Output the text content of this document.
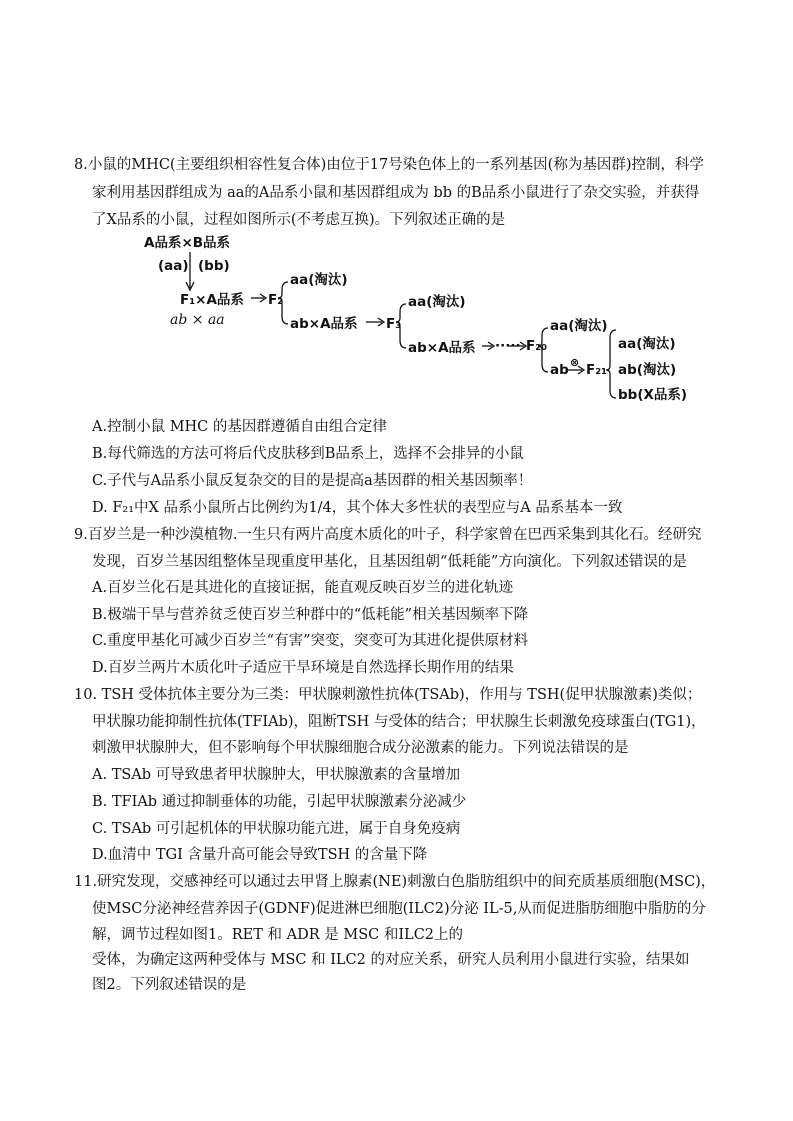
8.小鼠的MHC(主要组织相容性复合体)由位于17号染色体上的一系列基因(称为基因群)控制，科学
家利用基因群组成为 aa的A品系小鼠和基因群组成为 bb 的B品系小鼠进行了杂交实验，并获得
了X品系的小鼠，过程如图所示(不考虑互换)。下列叙述正确的是
A品系×B品系
(aa) (bb)
F₁×A品系
ab × aa
F₂
aa(淘汰)
ab×A品系 F₃
aa(淘汰)
ab×A品系 ····· F₂₀
aa(淘汰)
ab ⊗ F₂₁
aa(淘汰)
ab(淘汰)
bb(X品系)
A.控制小鼠 MHC 的基因群遵循自由组合定律
B.每代筛选的方法可将后代皮肤移到B品系上，选择不会排异的小鼠
C.子代与A品系小鼠反复杂交的目的是提高a基因群的相关基因频率！
D. F₂₁中X 品系小鼠所占比例约为1/4，其个体大多性状的表型应与A 品系基本一致
9.百岁兰是一种沙漠植物.一生只有两片高度木质化的叶子，科学家曾在巴西采集到其化石。经研究
发现，百岁兰基因组整体呈现重度甲基化，且基因组朝“低耗能”方向演化。下列叙述错误的是
A.百岁兰化石是其进化的直接证据，能直观反映百岁兰的进化轨迹
B.极端干旱与营养贫乏使百岁兰种群中的“低耗能”相关基因频率下降
C.重度甲基化可减少百岁兰“有害”突变，突变可为其进化提供原材料
D.百岁兰两片木质化叶子适应干旱环境是自然选择长期作用的结果
10. TSH 受体抗体主要分为三类：甲状腺刺激性抗体(TSAb)，作用与 TSH(促甲状腺激素)类似；
甲状腺功能抑制性抗体(TFIAb)，阻断TSH 与受体的结合；甲状腺生长刺激免疫球蛋白(TG1)，
刺激甲状腺肿大，但不影响每个甲状腺细胞合成分泌激素的能力。下列说法错误的是
A. TSAb 可导致患者甲状腺肿大，甲状腺激素的含量增加
B. TFIAb 通过抑制垂体的功能，引起甲状腺激素分泌减少
C. TSAb 可引起机体的甲状腺功能亢进，属于自身免疫病
D.血清中 TGI 含量升高可能会导致TSH 的含量下降
11.研究发现，交感神经可以通过去甲肾上腺素(NE)刺激白色脂肪组织中的间充质基质细胞(MSC)，
使MSC分泌神经营养因子(GDNF)促进淋巴细胞(ILC2)分泌 IL-5,从而促进脂肪细胞中脂肪的分
解，调节过程如图1。RET 和 ADR 是 MSC 和ILC2上的
受体，为确定这两种受体与 MSC 和 ILC2 的对应关系，研究人员利用小鼠进行实验，结果如
图2。下列叙述错误的是
